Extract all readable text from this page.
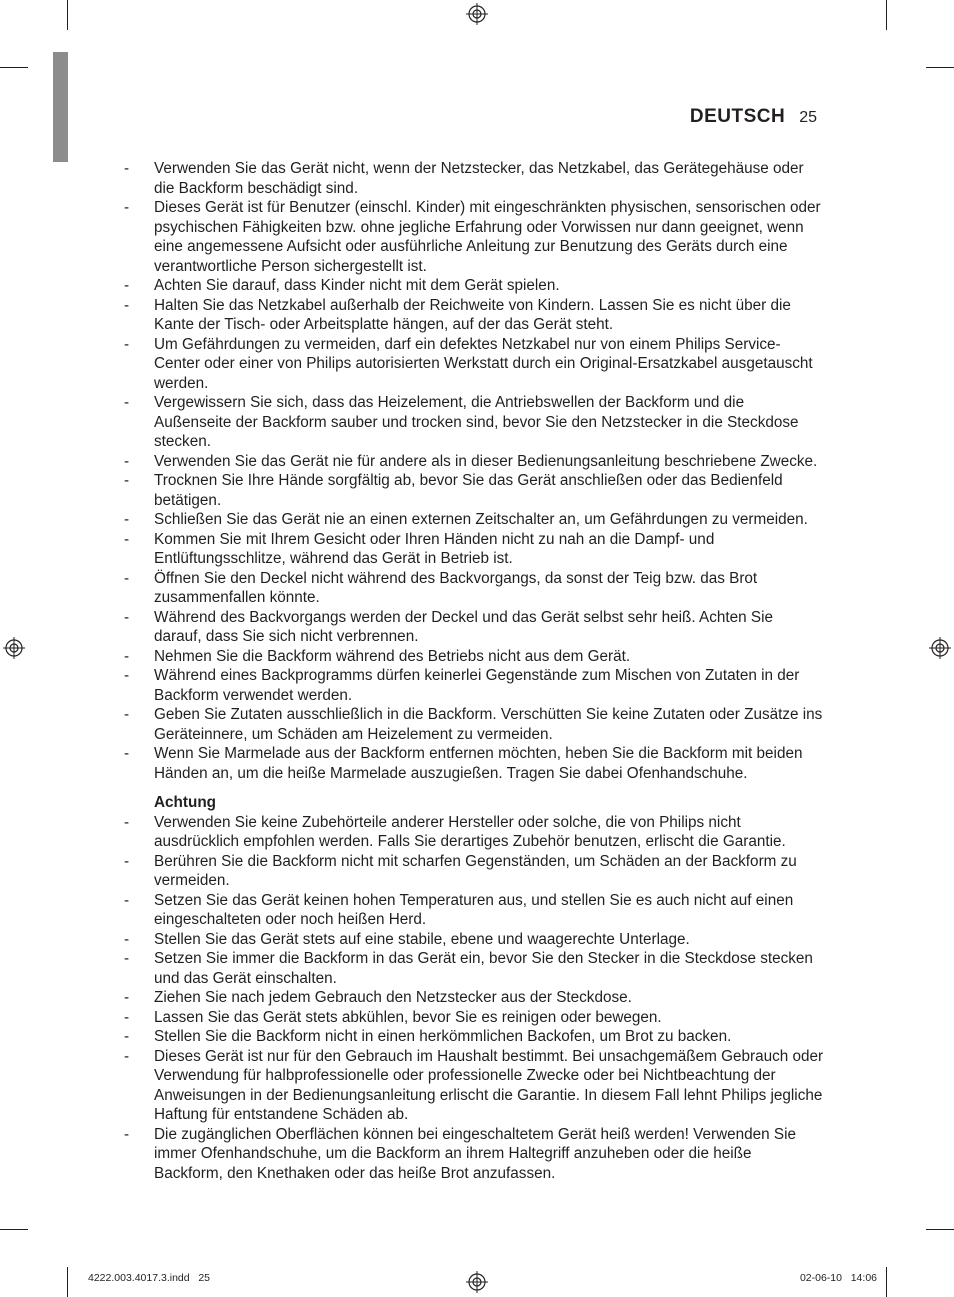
DEUTSCH 25
- Verwenden Sie das Gerät nicht, wenn der Netzstecker, das Netzkabel, das Gerätegehäuse oder die Backform beschädigt sind.
- Dieses Gerät ist für Benutzer (einschl. Kinder) mit eingeschränkten physischen, sensorischen oder psychischen Fähigkeiten bzw. ohne jegliche Erfahrung oder Vorwissen nur dann geeignet, wenn eine angemessene Aufsicht oder ausführliche Anleitung zur Benutzung des Geräts durch eine verantwortliche Person sichergestellt ist.
- Achten Sie darauf, dass Kinder nicht mit dem Gerät spielen.
- Halten Sie das Netzkabel außerhalb der Reichweite von Kindern. Lassen Sie es nicht über die Kante der Tisch- oder Arbeitsplatte hängen, auf der das Gerät steht.
- Um Gefährdungen zu vermeiden, darf ein defektes Netzkabel nur von einem Philips Service-Center oder einer von Philips autorisierten Werkstatt durch ein Original-Ersatzkabel ausgetauscht werden.
- Vergewissern Sie sich, dass das Heizelement, die Antriebswellen der Backform und die Außenseite der Backform sauber und trocken sind, bevor Sie den Netzstecker in die Steckdose stecken.
- Verwenden Sie das Gerät nie für andere als in dieser Bedienungsanleitung beschriebene Zwecke.
- Trocknen Sie Ihre Hände sorgfältig ab, bevor Sie das Gerät anschließen oder das Bedienfeld betätigen.
- Schließen Sie das Gerät nie an einen externen Zeitschalter an, um Gefährdungen zu vermeiden.
- Kommen Sie mit Ihrem Gesicht oder Ihren Händen nicht zu nah an die Dampf- und Entlüftungsschlitze, während das Gerät in Betrieb ist.
- Öffnen Sie den Deckel nicht während des Backvorgangs, da sonst der Teig bzw. das Brot zusammenfallen könnte.
- Während des Backvorgangs werden der Deckel und das Gerät selbst sehr heiß. Achten Sie darauf, dass Sie sich nicht verbrennen.
- Nehmen Sie die Backform während des Betriebs nicht aus dem Gerät.
- Während eines Backprogramms dürfen keinerlei Gegenstände zum Mischen von Zutaten in der Backform verwendet werden.
- Geben Sie Zutaten ausschließlich in die Backform. Verschütten Sie keine Zutaten oder Zusätze ins Geräteinnere, um Schäden am Heizelement zu vermeiden.
- Wenn Sie Marmelade aus der Backform entfernen möchten, heben Sie die Backform mit beiden Händen an, um die heiße Marmelade auszugießen. Tragen Sie dabei Ofenhandschuhe.
Achtung
- Verwenden Sie keine Zubehörteile anderer Hersteller oder solche, die von Philips nicht ausdrücklich empfohlen werden. Falls Sie derartiges Zubehör benutzen, erlischt die Garantie.
- Berühren Sie die Backform nicht mit scharfen Gegenständen, um Schäden an der Backform zu vermeiden.
- Setzen Sie das Gerät keinen hohen Temperaturen aus, und stellen Sie es auch nicht auf einen eingeschalteten oder noch heißen Herd.
- Stellen Sie das Gerät stets auf eine stabile, ebene und waagerechte Unterlage.
- Setzen Sie immer die Backform in das Gerät ein, bevor Sie den Stecker in die Steckdose stecken und das Gerät einschalten.
- Ziehen Sie nach jedem Gebrauch den Netzstecker aus der Steckdose.
- Lassen Sie das Gerät stets abkühlen, bevor Sie es reinigen oder bewegen.
- Stellen Sie die Backform nicht in einen herkömmlichen Backofen, um Brot zu backen.
- Dieses Gerät ist nur für den Gebrauch im Haushalt bestimmt. Bei unsachgemäßem Gebrauch oder Verwendung für halbprofessionelle oder professionelle Zwecke oder bei Nichtbeachtung der Anweisungen in der Bedienungsanleitung erlischt die Garantie. In diesem Fall lehnt Philips jegliche Haftung für entstandene Schäden ab.
- Die zugänglichen Oberflächen können bei eingeschaltetem Gerät heiß werden! Verwenden Sie immer Ofenhandschuhe, um die Backform an ihrem Haltegriff anzuheben oder die heiße Backform, den Knethaken oder das heiße Brot anzufassen.
4222.003.4017.3.indd   25	02-06-10   14:06
